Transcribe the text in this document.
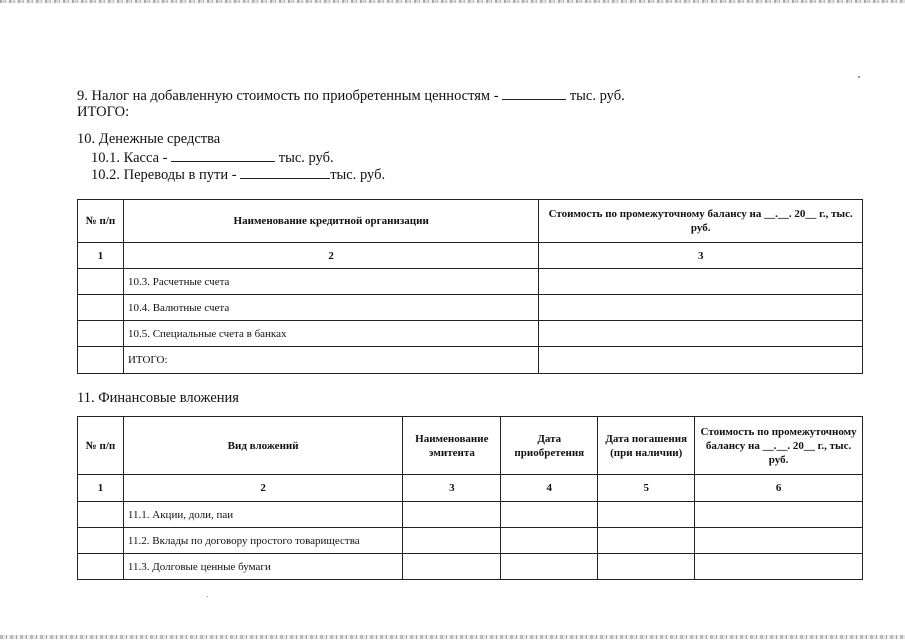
9. Налог на добавленную стоимость по приобретенным ценностям -	тыс. руб.
ИТОГО:
10. Денежные средства
10.1. Касса -	тыс. руб.
10.2. Переводы в пути -	тыс. руб.
№ п/п	Наименование кредитной организации	Стоимость по промежуточному балансу на __.__. 20__ г., тыс. руб.
1	2	3
	10.3. Расчетные счета	
	10.4. Валютные счета	
	10.5. Специальные счета в банках	
	ИТОГО:	
11. Финансовые вложения
№ п/п	Вид вложений	Наименование эмитента	Дата приобретения	Дата погашения (при наличии)	Стоимость по промежуточному балансу на __.__. 20__ г., тыс. руб.
1	2	3	4	5	6
	11.1. Акции, доли, паи				
	11.2. Вклады по договору простого товарищества				
	11.3. Долговые ценные бумаги				
